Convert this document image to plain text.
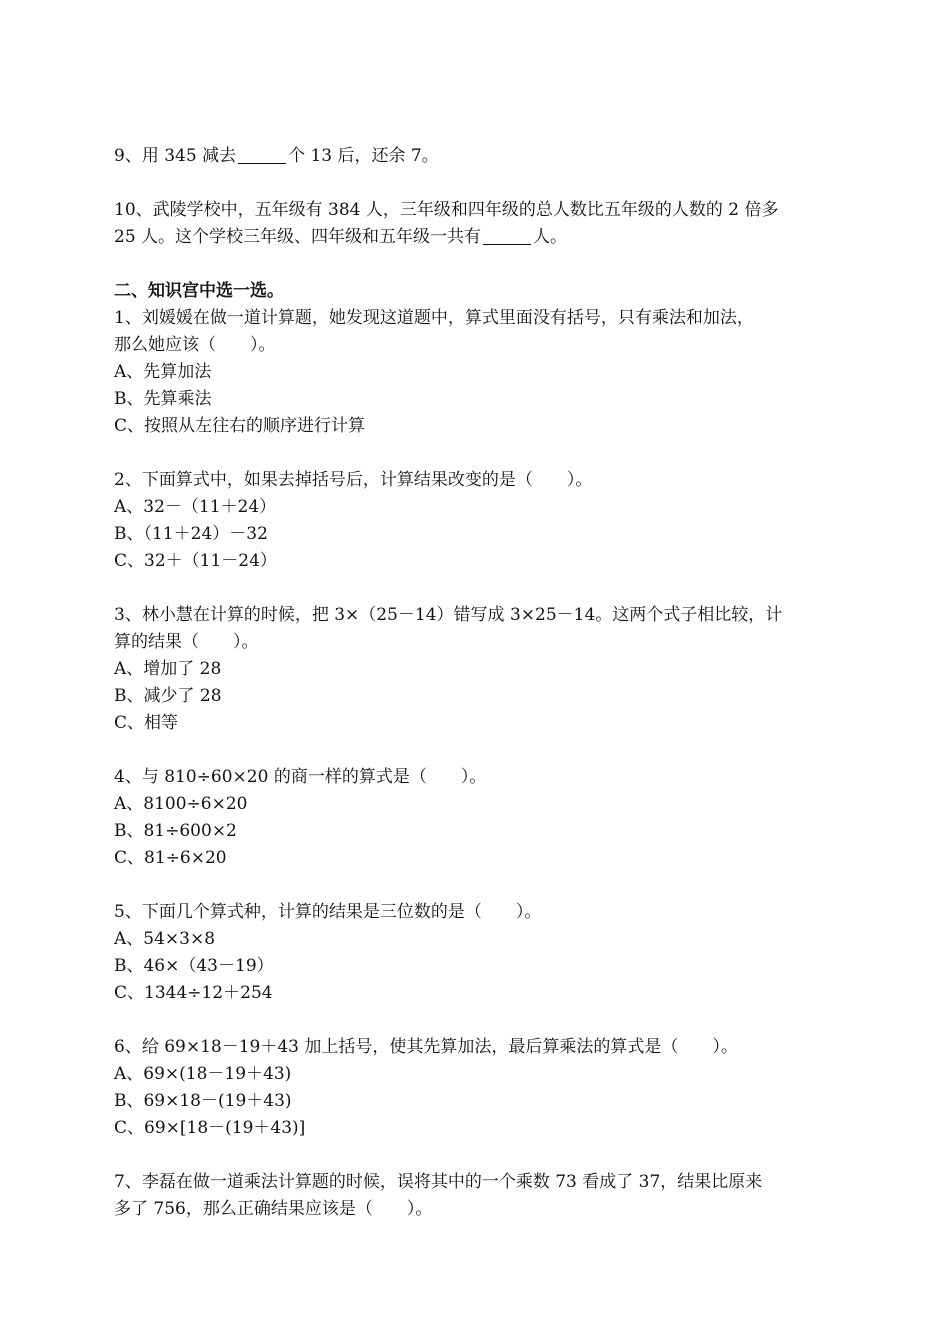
9、用 345 减去	个 13 后，还余 7。

10、武陵学校中，五年级有 384 人，三年级和四年级的总人数比五年级的人数的 2 倍多
25 人。这个学校三年级、四年级和五年级一共有	人。

二、知识宫中选一选。

1、刘媛媛在做一道计算题，她发现这道题中，算式里面没有括号，只有乘法和加法，

那么她应该（　　）。

A、先算加法

B、先算乘法

C、按照从左往右的顺序进行计算

2、下面算式中，如果去掉括号后，计算结果改变的是（　　）。

A、32－（11＋24）

B、（11＋24）－32

C、32＋（11－24）

3、林小慧在计算的时候，把 3×（25－14）错写成 3×25－14。这两个式子相比较，计

算的结果（　　）。

A、增加了 28

B、减少了 28

C、相等

4、与 810÷60×20 的商一样的算式是（　　）。

A、8100÷6×20

B、81÷600×2

C、81÷6×20

5、下面几个算式种，计算的结果是三位数的是（　　）。

A、54×3×8

B、46×（43－19）

C、1344÷12＋254

6、给 69×18－19＋43 加上括号，使其先算加法，最后算乘法的算式是（　　）。

A、69×(18－19＋43)

B、69×18－(19＋43)

C、69×[18－(19＋43)]

7、李磊在做一道乘法计算题的时候，误将其中的一个乘数 73 看成了 37，结果比原来

多了 756，那么正确结果应该是（　　）。
